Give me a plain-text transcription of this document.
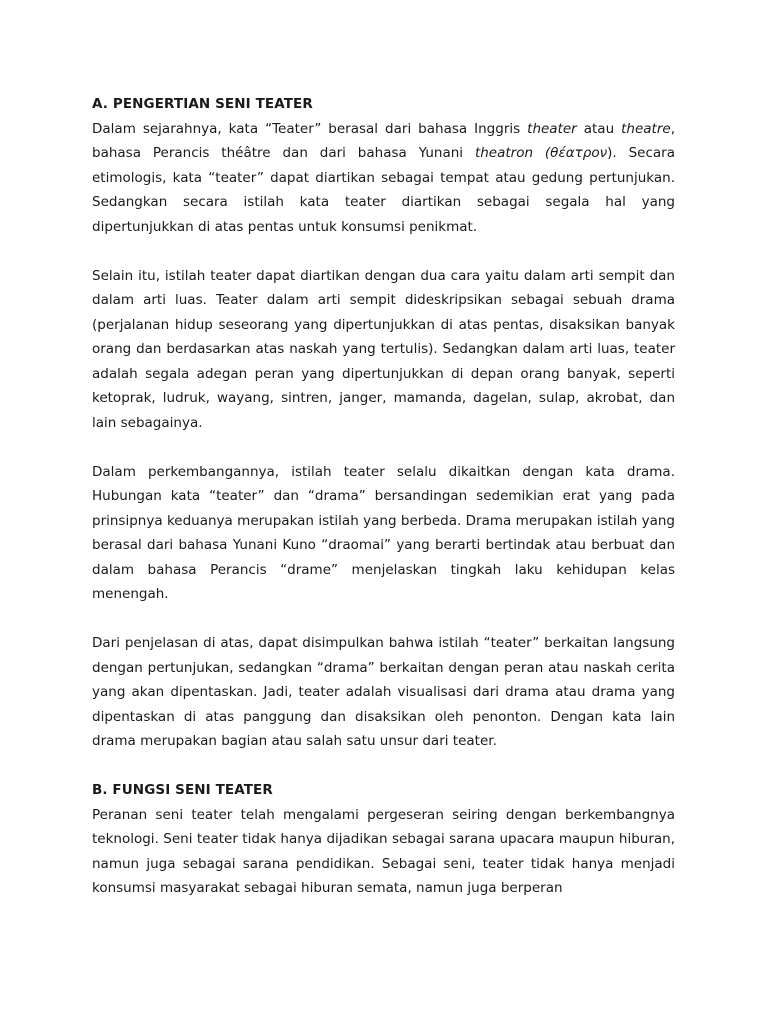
A. PENGERTIAN SENI TEATER

Dalam sejarahnya, kata “Teater” berasal dari bahasa Inggris theater atau theatre, bahasa Perancis théâtre dan dari bahasa Yunani theatron (θέατρον). Secara etimologis, kata “teater” dapat diartikan sebagai tempat atau gedung pertunjukan. Sedangkan secara istilah kata teater diartikan sebagai segala hal yang dipertunjukkan di atas pentas untuk konsumsi penikmat.

Selain itu, istilah teater dapat diartikan dengan dua cara yaitu dalam arti sempit dan dalam arti luas. Teater dalam arti sempit dideskripsikan sebagai sebuah drama (perjalanan hidup seseorang yang dipertunjukkan di atas pentas, disaksikan banyak orang dan berdasarkan atas naskah yang tertulis). Sedangkan dalam arti luas, teater adalah segala adegan peran yang dipertunjukkan di depan orang banyak, seperti ketoprak, ludruk, wayang, sintren, janger, mamanda, dagelan, sulap, akrobat, dan lain sebagainya.

Dalam perkembangannya, istilah teater selalu dikaitkan dengan kata drama. Hubungan kata “teater” dan “drama” bersandingan sedemikian erat yang pada prinsipnya keduanya merupakan istilah yang berbeda. Drama merupakan istilah yang berasal dari bahasa Yunani Kuno “draomai” yang berarti bertindak atau berbuat dan dalam bahasa Perancis “drame” menjelaskan tingkah laku kehidupan kelas menengah.

Dari penjelasan di atas, dapat disimpulkan bahwa istilah “teater” berkaitan langsung dengan pertunjukan, sedangkan “drama” berkaitan dengan peran atau naskah cerita yang akan dipentaskan. Jadi, teater adalah visualisasi dari drama atau drama yang dipentaskan di atas panggung dan disaksikan oleh penonton. Dengan kata lain drama merupakan bagian atau salah satu unsur dari teater.

B. FUNGSI SENI TEATER

Peranan seni teater telah mengalami pergeseran seiring dengan berkembangnya teknologi. Seni teater tidak hanya dijadikan sebagai sarana upacara maupun hiburan, namun juga sebagai sarana pendidikan. Sebagai seni, teater tidak hanya menjadi konsumsi masyarakat sebagai hiburan semata, namun juga berperan
